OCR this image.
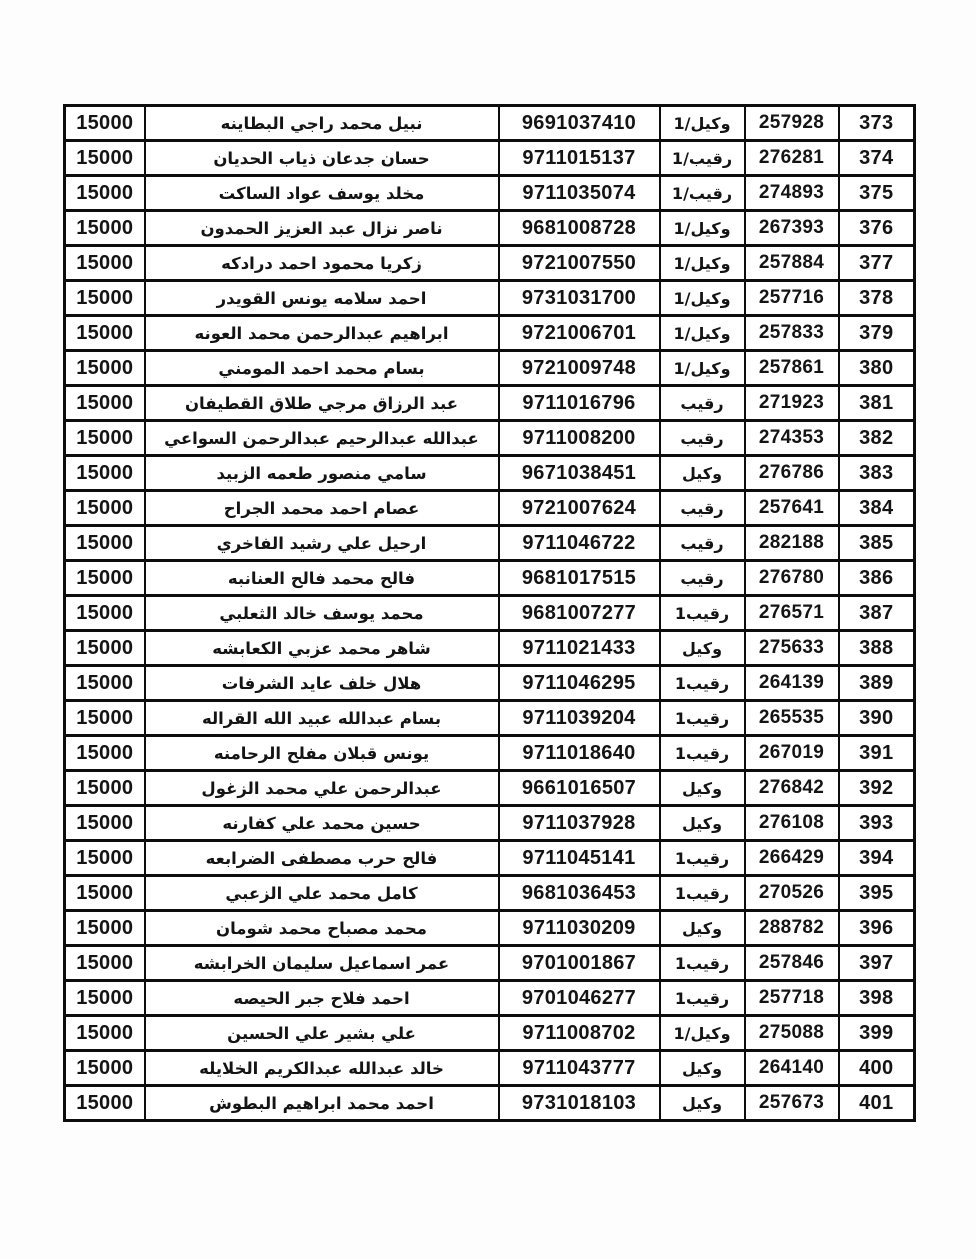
373	257928	وكيل/1	9691037410	نبيل محمد راجي البطاينه	15000
374	276281	رقيب/1	9711015137	حسان جدعان ذياب الحديان	15000
375	274893	رقيب/1	9711035074	مخلد يوسف عواد الساكت	15000
376	267393	وكيل/1	9681008728	ناصر نزال عبد العزيز الحمدون	15000
377	257884	وكيل/1	9721007550	زكريا محمود احمد درادكه	15000
378	257716	وكيل/1	9731031700	احمد سلامه يونس القويدر	15000
379	257833	وكيل/1	9721006701	ابراهيم عبدالرحمن محمد العونه	15000
380	257861	وكيل/1	9721009748	بسام محمد احمد المومني	15000
381	271923	رقيب	9711016796	عبد الرزاق مرجي طلاق القطيفان	15000
382	274353	رقيب	9711008200	عبدالله عبدالرحيم عبدالرحمن السواعي	15000
383	276786	وكيل	9671038451	سامي منصور طعمه الزبيد	15000
384	257641	رقيب	9721007624	عصام احمد محمد الجراح	15000
385	282188	رقيب	9711046722	ارحيل علي رشيد الفاخري	15000
386	276780	رقيب	9681017515	فالح محمد فالح العنانبه	15000
387	276571	رقيب1	9681007277	محمد يوسف خالد الثعلبي	15000
388	275633	وكيل	9711021433	شاهر محمد عزبي الكعابشه	15000
389	264139	رقيب1	9711046295	هلال خلف عايد الشرفات	15000
390	265535	رقيب1	9711039204	بسام عبدالله عبيد الله القراله	15000
391	267019	رقيب1	9711018640	يونس قبلان مفلح الرحامنه	15000
392	276842	وكيل	9661016507	عبدالرحمن علي محمد الزغول	15000
393	276108	وكيل	9711037928	حسين محمد علي كفارنه	15000
394	266429	رقيب1	9711045141	فالح حرب مصطفى الضرابعه	15000
395	270526	رقيب1	9681036453	كامل محمد علي الزعبي	15000
396	288782	وكيل	9711030209	محمد مصباح محمد شومان	15000
397	257846	رقيب1	9701001867	عمر اسماعيل سليمان الخرابشه	15000
398	257718	رقيب1	9701046277	احمد فلاح جبر الحيصه	15000
399	275088	وكيل/1	9711008702	علي بشير علي الحسين	15000
400	264140	وكيل	9711043777	خالد عبدالله عبدالكريم الخلايله	15000
401	257673	وكيل	9731018103	احمد محمد ابراهيم البطوش	15000
